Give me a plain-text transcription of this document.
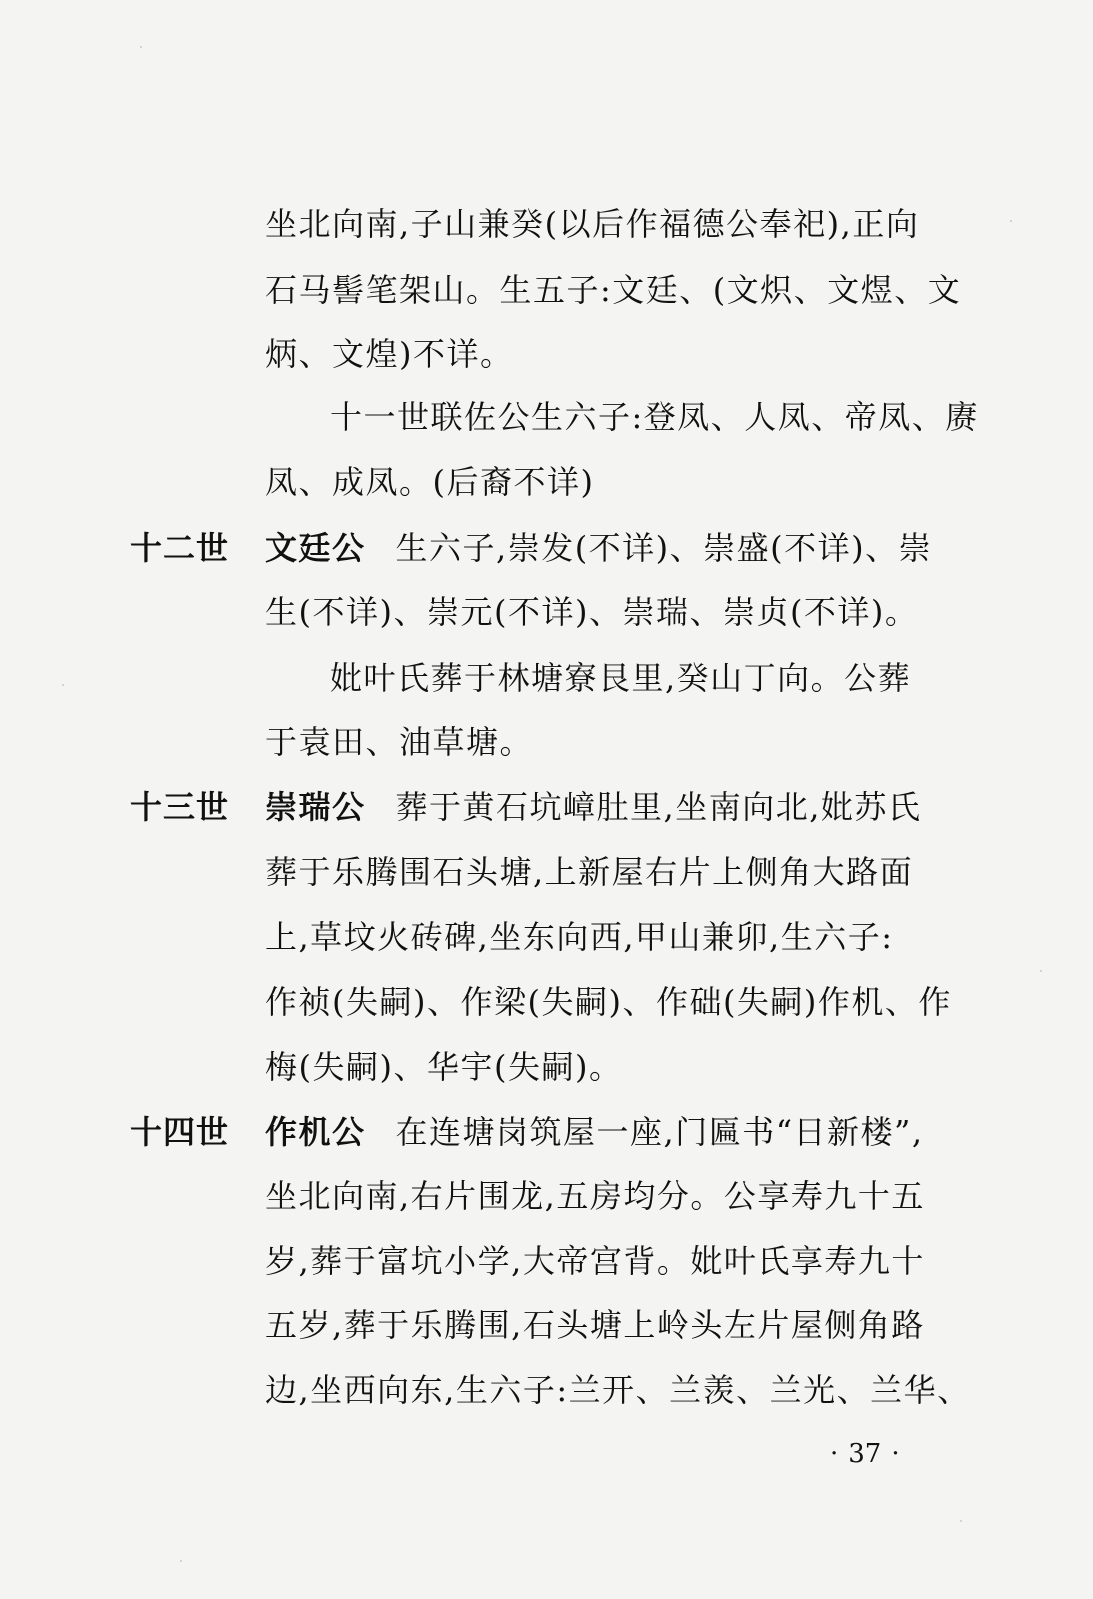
坐北向南,子山兼癸(以后作福德公奉祀),正向
石马髻笔架山。生五子:文廷、(文炽、文煜、文
炳、文煌)不详。
十一世联佐公生六子:登凤、人凤、帝凤、赓
凤、成凤。(后裔不详)
十二世 文廷公 生六子,崇发(不详)、崇盛(不详)、崇
生(不详)、崇元(不详)、崇瑞、崇贞(不详)。
妣叶氏葬于林塘寮艮里,癸山丁向。公葬
于袁田、油草塘。
十三世 崇瑞公 葬于黄石坑嶂肚里,坐南向北,妣苏氏
葬于乐腾围石头塘,上新屋右片上侧角大路面
上,草坟火砖碑,坐东向西,甲山兼卯,生六子:
作祯(失嗣)、作梁(失嗣)、作础(失嗣)作机、作
梅(失嗣)、华宇(失嗣)。
十四世 作机公 在连塘岗筑屋一座,门匾书“日新楼”,
坐北向南,右片围龙,五房均分。公享寿九十五
岁,葬于富坑小学,大帝宫背。妣叶氏享寿九十
五岁,葬于乐腾围,石头塘上岭头左片屋侧角路
边,坐西向东,生六子:兰开、兰羡、兰光、兰华、
· 37 ·
